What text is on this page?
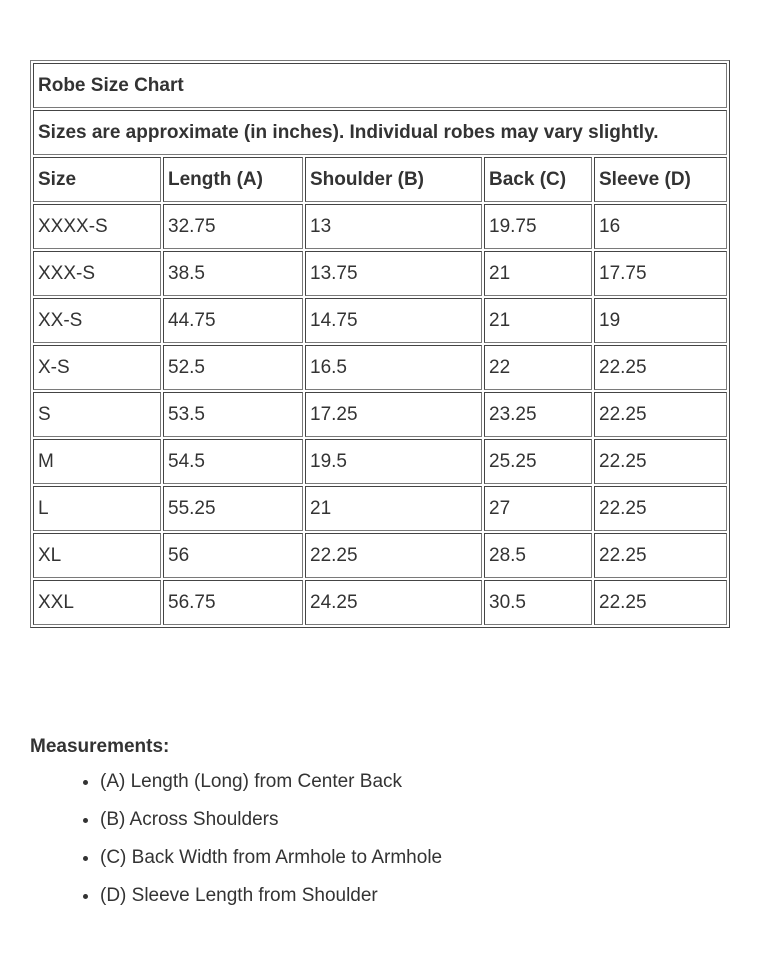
Robe Size Chart				
Sizes are approximate (in inches). Individual robes may vary slightly.				
Size	Length (A)	Shoulder (B)	Back (C)	Sleeve (D)
XXXX-S	32.75	13	19.75	16
XXX-S	38.5	13.75	21	17.75
XX-S	44.75	14.75	21	19
X-S	52.5	16.5	22	22.25
S	53.5	17.25	23.25	22.25
M	54.5	19.5	25.25	22.25
L	55.25	21	27	22.25
XL	56	22.25	28.5	22.25
XXL	56.75	24.25	30.5	22.25
Measurements:
• (A) Length (Long) from Center Back
• (B) Across Shoulders
• (C) Back Width from Armhole to Armhole
• (D) Sleeve Length from Shoulder
